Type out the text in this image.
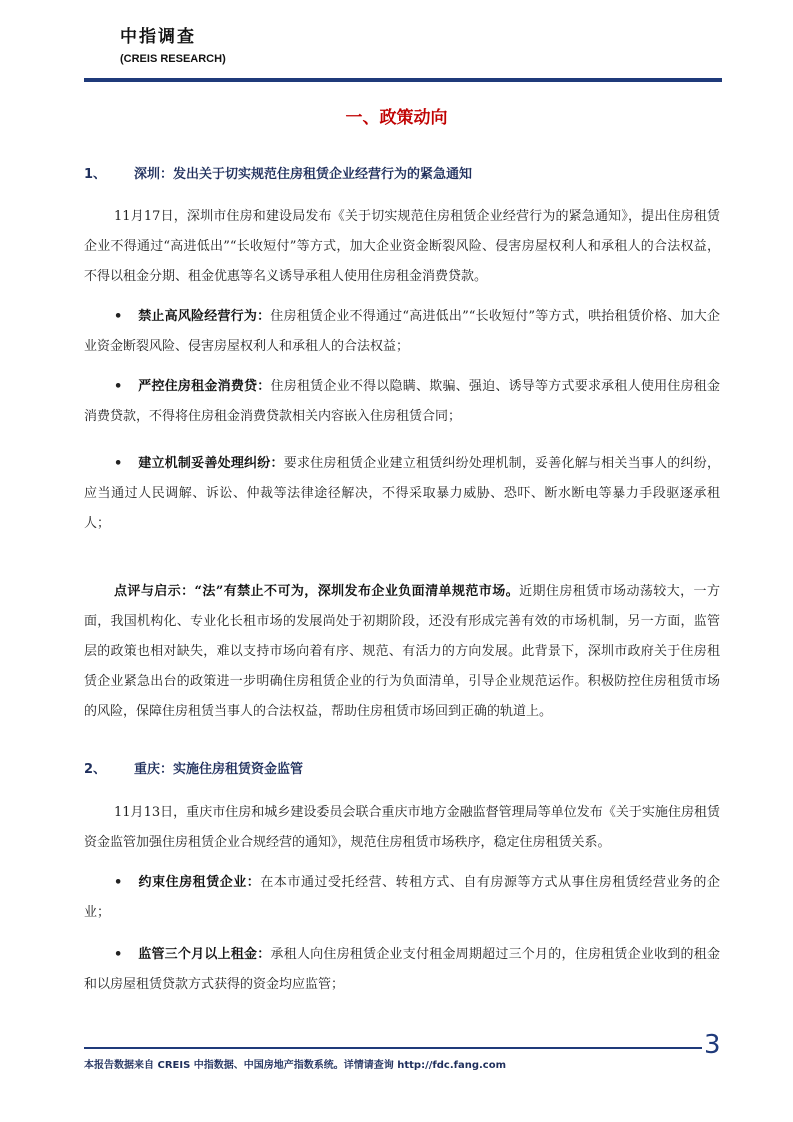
中指调查
(CREIS RESEARCH)
一、政策动向
1、 深圳：发出关于切实规范住房租赁企业经营行为的紧急通知

11月17日，深圳市住房和建设局发布《关于切实规范住房租赁企业经营行为的紧急通知》，提出住房租赁企业不得通过“高进低出”“长收短付”等方式，加大企业资金断裂风险、侵害房屋权利人和承租人的合法权益，不得以租金分期、租金优惠等名义诱导承租人使用住房租金消费贷款。

• 禁止高风险经营行为：住房租赁企业不得通过“高进低出”“长收短付”等方式，哄抬租赁价格、加大企业资金断裂风险、侵害房屋权利人和承租人的合法权益；

• 严控住房租金消费贷：住房租赁企业不得以隐瞒、欺骗、强迫、诱导等方式要求承租人使用住房租金消费贷款，不得将住房租金消费贷款相关内容嵌入住房租赁合同；

• 建立机制妥善处理纠纷：要求住房租赁企业建立租赁纠纷处理机制，妥善化解与相关当事人的纠纷，应当通过人民调解、诉讼、仲裁等法律途径解决，不得采取暴力威胁、恐吓、断水断电等暴力手段驱逐承租人；

点评与启示：“法”有禁止不可为，深圳发布企业负面清单规范市场。近期住房租赁市场动荡较大，一方面，我国机构化、专业化长租市场的发展尚处于初期阶段，还没有形成完善有效的市场机制，另一方面，监管层的政策也相对缺失，难以支持市场向着有序、规范、有活力的方向发展。此背景下，深圳市政府关于住房租赁企业紧急出台的政策进一步明确住房租赁企业的行为负面清单，引导企业规范运作。积极防控住房租赁市场的风险，保障住房租赁当事人的合法权益，帮助住房租赁市场回到正确的轨道上。

2、 重庆：实施住房租赁资金监管

11月13日，重庆市住房和城乡建设委员会联合重庆市地方金融监督管理局等单位发布《关于实施住房租赁资金监管加强住房租赁企业合规经营的通知》，规范住房租赁市场秩序，稳定住房租赁关系。

• 约束住房租赁企业：在本市通过受托经营、转租方式、自有房源等方式从事住房租赁经营业务的企业；

• 监管三个月以上租金：承租人向住房租赁企业支付租金周期超过三个月的，住房租赁企业收到的租金和以房屋租赁贷款方式获得的资金均应监管；

3
本报告数据来自 CREIS 中指数据、中国房地产指数系统。详情请查询 http://fdc.fang.com
